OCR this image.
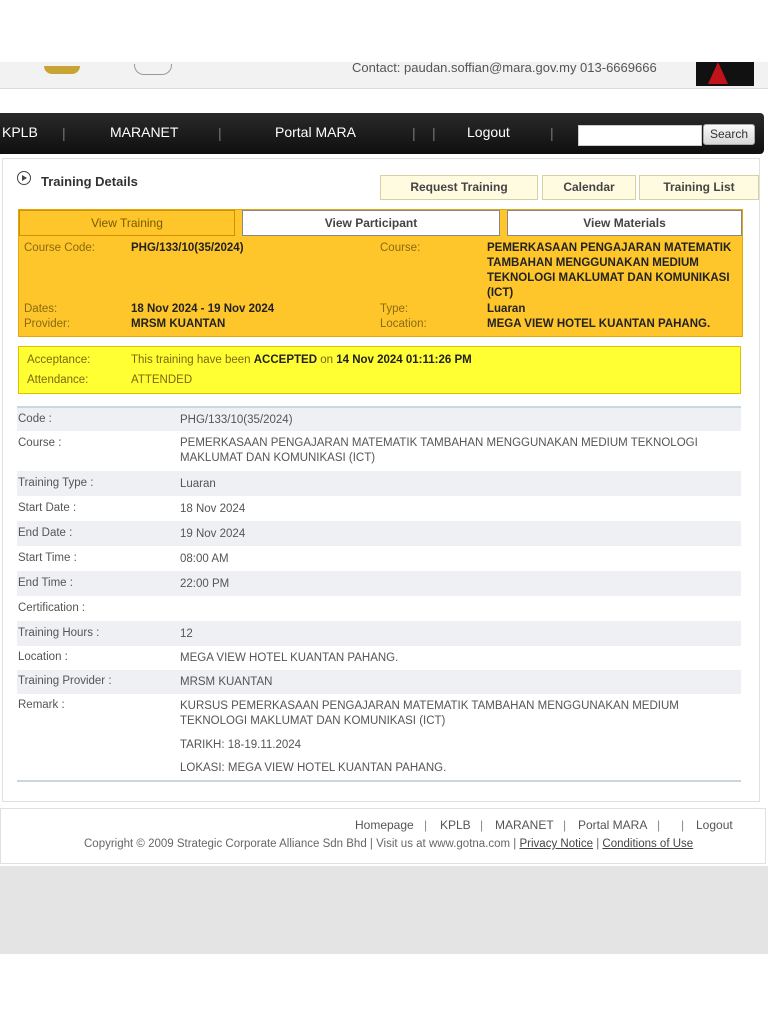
Contact: paudan.soffian@mara.gov.my 013-6669666
KPLB |	MARANET	|	Portal MARA	| | Logout	|	Search
Training Details	Request Training	Calendar	Training List
View Training	View Participant	View Materials
Course Code:	PHG/133/10(35/2024)	Course:	PEMERKASAAN PENGAJARAN MATEMATIK TAMBAHAN MENGGUNAKAN MEDIUM TEKNOLOGI MAKLUMAT DAN KOMUNIKASI (ICT)
Dates:	18 Nov 2024 - 19 Nov 2024	Type:	Luaran
Provider:	MRSM KUANTAN	Location:	MEGA VIEW HOTEL KUANTAN PAHANG.
Acceptance:	This training have been ACCEPTED on 14 Nov 2024 01:11:26 PM
Attendance:	ATTENDED
Code :	PHG/133/10(35/2024)
Course :	PEMERKASAAN PENGAJARAN MATEMATIK TAMBAHAN MENGGUNAKAN MEDIUM TEKNOLOGI MAKLUMAT DAN KOMUNIKASI (ICT)
Training Type :	Luaran
Start Date :	18 Nov 2024
End Date :	19 Nov 2024
Start Time :	08:00 AM
End Time :	22:00 PM
Certification :
Training Hours :	12
Location :	MEGA VIEW HOTEL KUANTAN PAHANG.
Training Provider :	MRSM KUANTAN
Remark :	KURSUS PEMERKASAAN PENGAJARAN MATEMATIK TAMBAHAN MENGGUNAKAN MEDIUM TEKNOLOGI MAKLUMAT DAN KOMUNIKASI (ICT)
TARIKH: 18-19.11.2024
LOKASI: MEGA VIEW HOTEL KUANTAN PAHANG.
Homepage | KPLB | MARANET | Portal MARA | | Logout
Copyright © 2009 Strategic Corporate Alliance Sdn Bhd | Visit us at www.gotna.com | Privacy Notice | Conditions of Use
